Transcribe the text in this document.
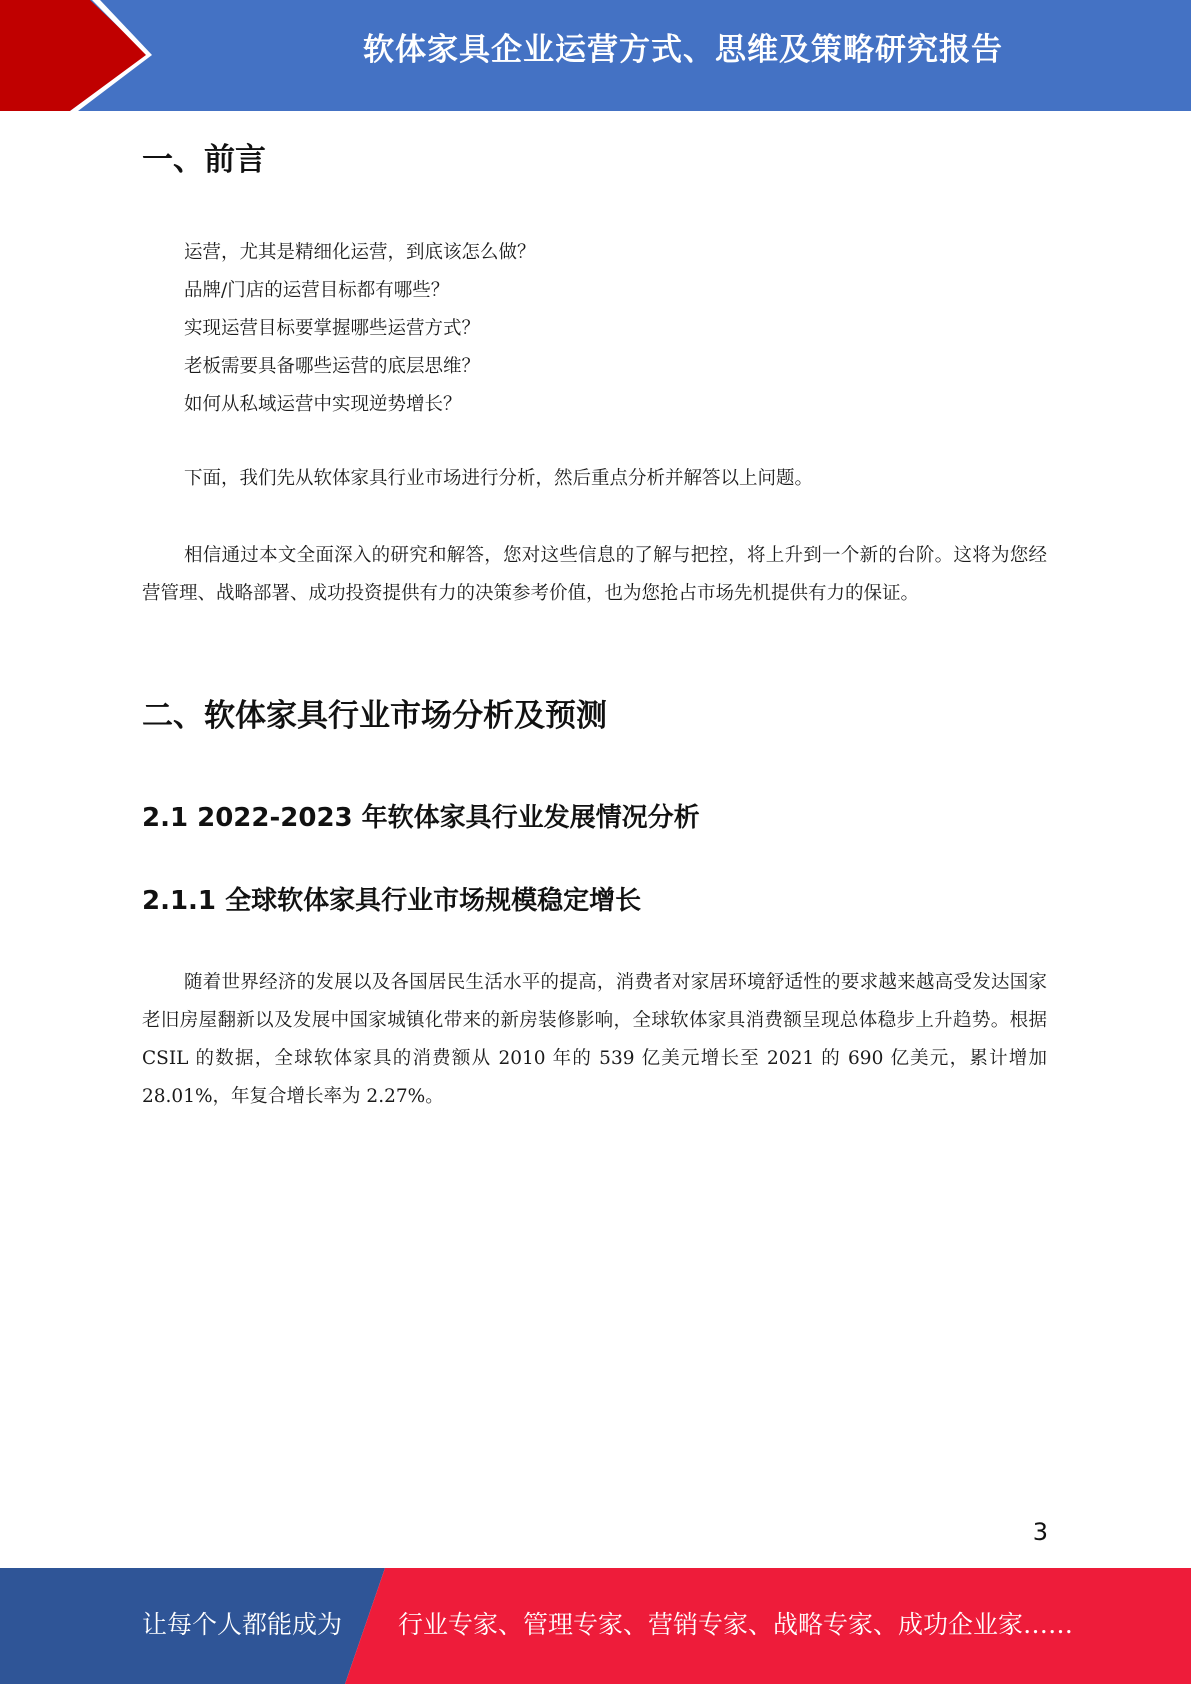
软体家具企业运营方式、思维及策略研究报告
一、前言
运营，尤其是精细化运营，到底该怎么做？
品牌/门店的运营目标都有哪些？
实现运营目标要掌握哪些运营方式？
老板需要具备哪些运营的底层思维？
如何从私域运营中实现逆势增长？

下面，我们先从软体家具行业市场进行分析，然后重点分析并解答以上问题。

相信通过本文全面深入的研究和解答，您对这些信息的了解与把控，将上升到一个新的台阶。这将为您经营管理、战略部署、成功投资提供有力的决策参考价值，也为您抢占市场先机提供有力的保证。

二、软体家具行业市场分析及预测
2.1 2022-2023 年软体家具行业发展情况分析
2.1.1 全球软体家具行业市场规模稳定增长

随着世界经济的发展以及各国居民生活水平的提高，消费者对家居环境舒适性的要求越来越高受发达国家老旧房屋翻新以及发展中国家城镇化带来的新房装修影响，全球软体家具消费额呈现总体稳步上升趋势。根据 CSIL 的数据，全球软体家具的消费额从 2010 年的 539 亿美元增长至 2021 的 690 亿美元，累计增加 28.01%，年复合增长率为 2.27%。

3
让每个人都能成为 行业专家、管理专家、营销专家、战略专家、成功企业家……
